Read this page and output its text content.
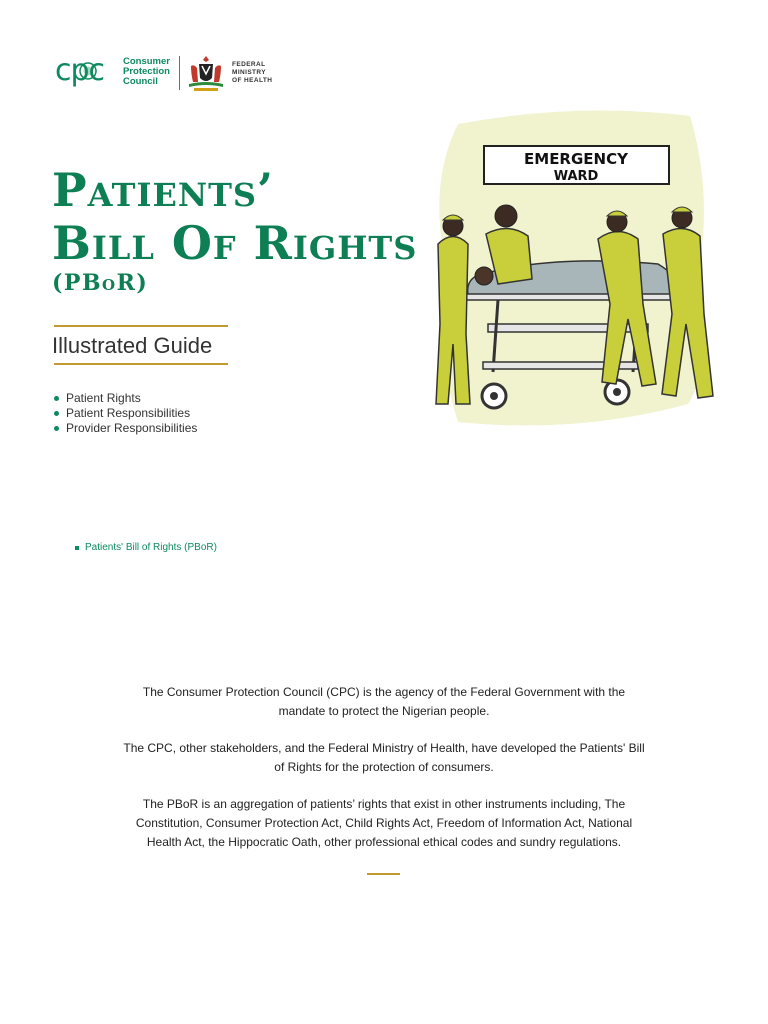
cpc Consumer
Protection
Council
FEDERAL
MINISTRY
OF HEALTH
Patients’
Bill Of Rights
(PBoR)
Illustrated Guide
Patient Rights
Patient Responsibilities
Provider Responsibilities
Patients' Bill of Rights (PBoR)
EMERGENCY
WARD

The Consumer Protection Council (CPC) is the agency of the Federal Government with the mandate to protect the Nigerian people.

The CPC, other stakeholders, and the Federal Ministry of Health, have developed the Patients' Bill of Rights for the protection of consumers.

The PBoR is an aggregation of patients’ rights that exist in other instruments including, The Constitution, Consumer Protection Act, Child Rights Act, Freedom of Information Act, National Health Act, the Hippocratic Oath, other professional ethical codes and sundry regulations.
